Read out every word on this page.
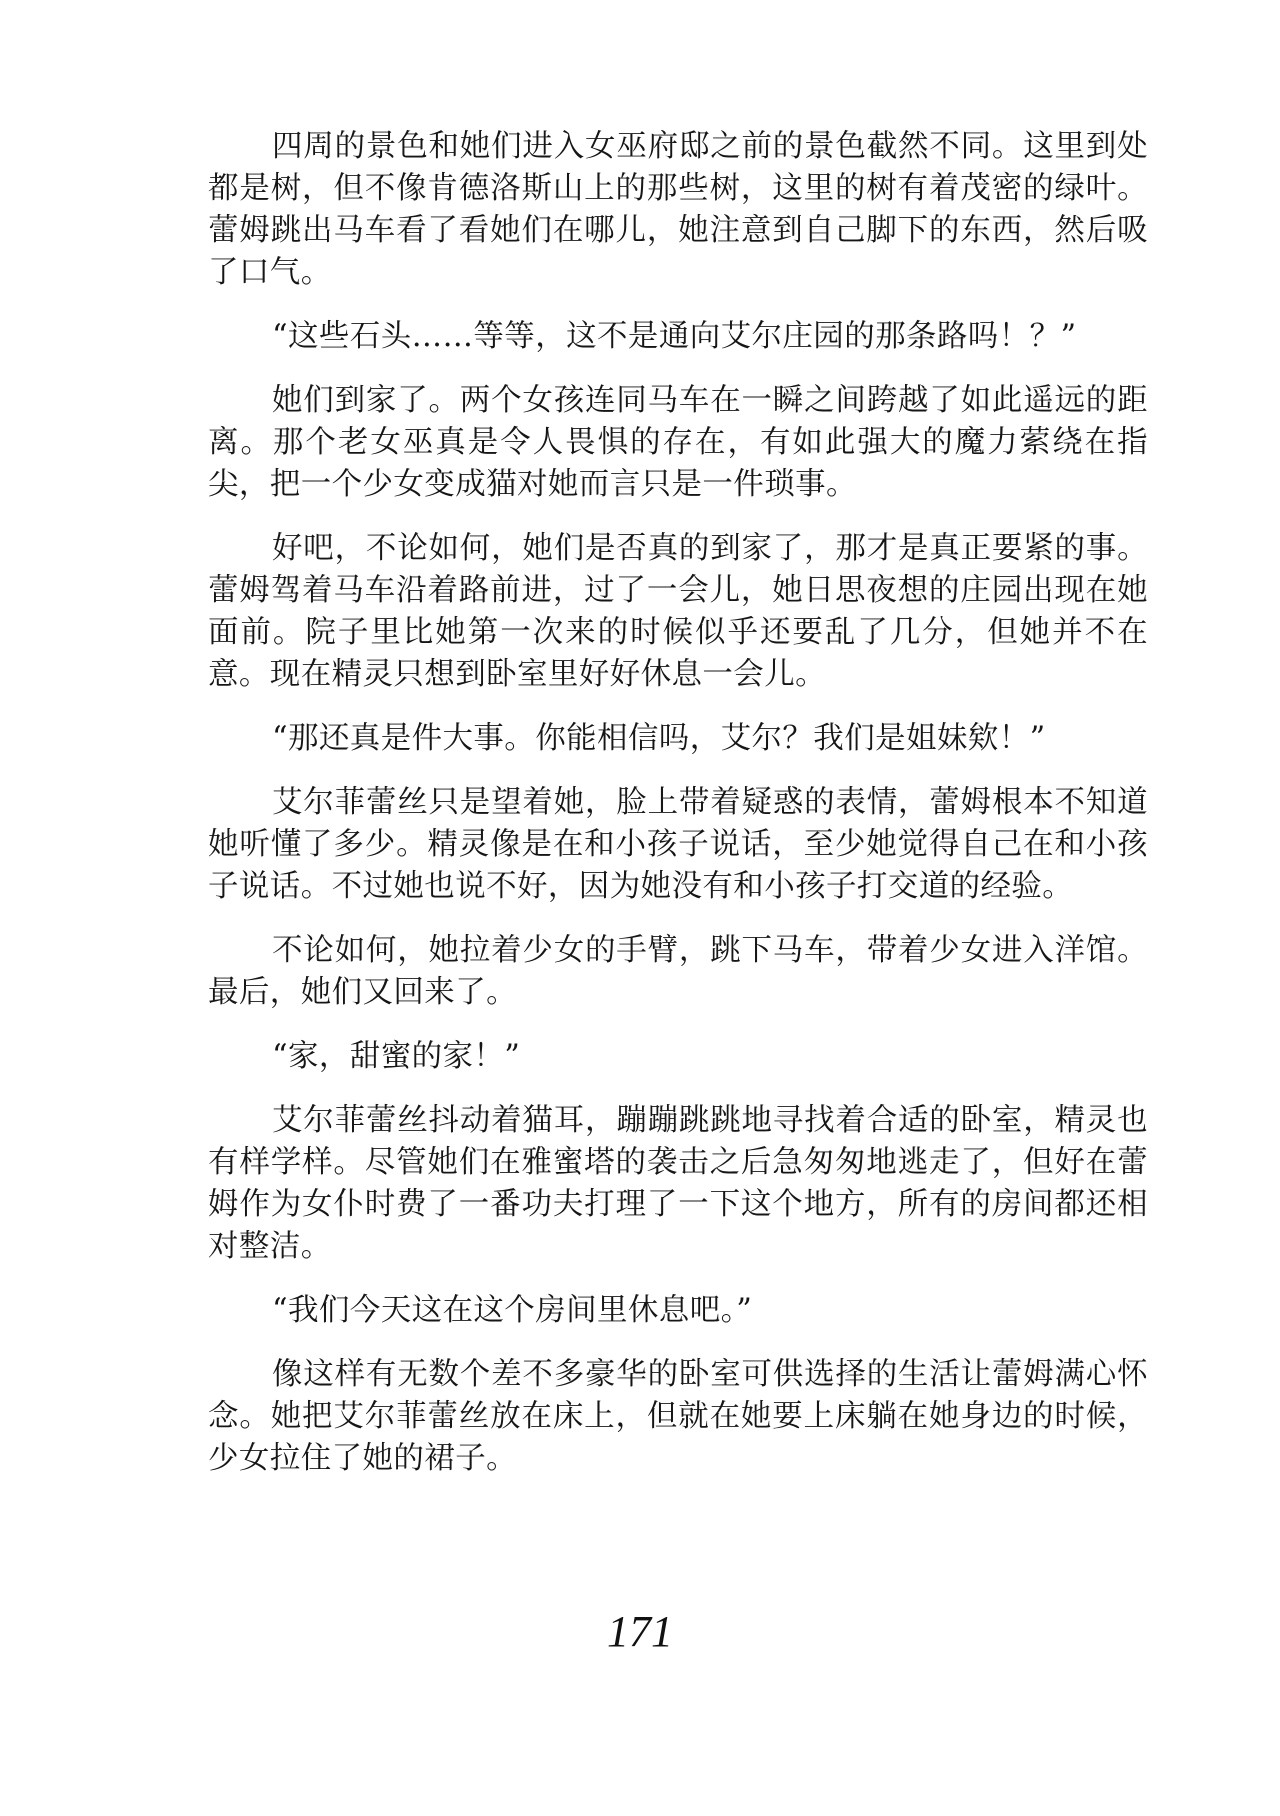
四周的景色和她们进入女巫府邸之前的景色截然不同。这里到处都是树，但不像肯德洛斯山上的那些树，这里的树有着茂密的绿叶。蕾姆跳出马车看了看她们在哪儿，她注意到自己脚下的东西，然后吸了口气。

“这些石头……等等，这不是通向艾尔庄园的那条路吗！？”

她们到家了。两个女孩连同马车在一瞬之间跨越了如此遥远的距离。那个老女巫真是令人畏惧的存在，有如此强大的魔力萦绕在指尖，把一个少女变成猫对她而言只是一件琐事。

好吧，不论如何，她们是否真的到家了，那才是真正要紧的事。蕾姆驾着马车沿着路前进，过了一会儿，她日思夜想的庄园出现在她面前。院子里比她第一次来的时候似乎还要乱了几分，但她并不在意。现在精灵只想到卧室里好好休息一会儿。

“那还真是件大事。你能相信吗，艾尔？我们是姐妹欸！”

艾尔菲蕾丝只是望着她，脸上带着疑惑的表情，蕾姆根本不知道她听懂了多少。精灵像是在和小孩子说话，至少她觉得自己在和小孩子说话。不过她也说不好，因为她没有和小孩子打交道的经验。

不论如何，她拉着少女的手臂，跳下马车，带着少女进入洋馆。最后，她们又回来了。

“家，甜蜜的家！”

艾尔菲蕾丝抖动着猫耳，蹦蹦跳跳地寻找着合适的卧室，精灵也有样学样。尽管她们在雅蜜塔的袭击之后急匆匆地逃走了，但好在蕾姆作为女仆时费了一番功夫打理了一下这个地方，所有的房间都还相对整洁。

“我们今天这在这个房间里休息吧。”

像这样有无数个差不多豪华的卧室可供选择的生活让蕾姆满心怀念。她把艾尔菲蕾丝放在床上，但就在她要上床躺在她身边的时候，少女拉住了她的裙子。

171
